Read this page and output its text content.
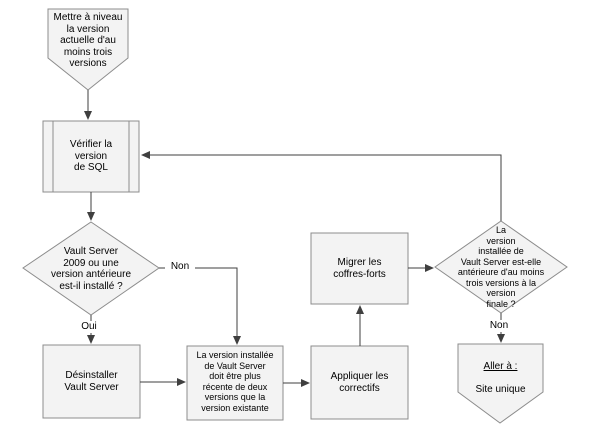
Mettre à niveau
la version
actuelle d'au
moins trois
versions
Vérifier la
version
de SQL
Vault Server
2009 ou une
version antérieure
est-il installé ?
Oui
Non
Désinstaller
Vault Server
La version installée
de Vault Server
doit être plus
récente de deux
versions que la
version existante
Appliquer les
correctifs
Migrer les
coffres-forts
La
version
installée de
Vault Server est-elle
antérieure d'au moins
trois versions à la
version
finale ?
Non

Aller à :

Site unique
